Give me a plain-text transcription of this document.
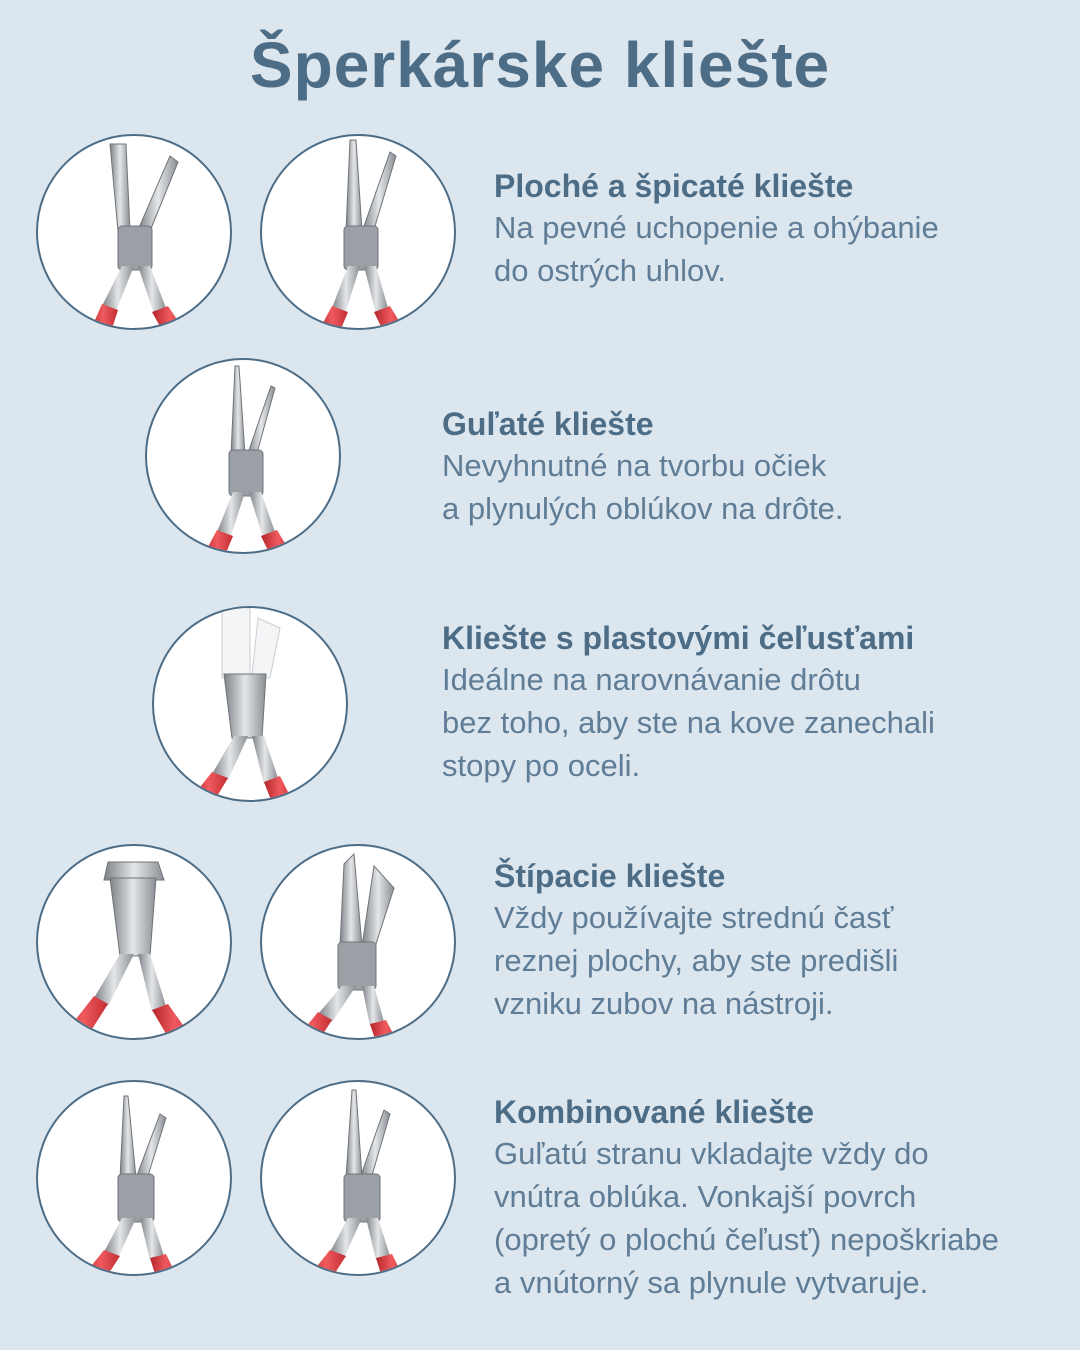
Šperkárske kliešte
Ploché a špicaté kliešte
Na pevné uchopenie a ohýbanie
do ostrých uhlov.
Guľaté kliešte
Nevyhnutné na tvorbu očiek
a plynulých oblúkov na drôte.
Kliešte s plastovými čeľusťami
Ideálne na narovnávanie drôtu
bez toho, aby ste na kove zanechali
stopy po oceli.
Štípacie kliešte
Vždy používajte strednú časť
reznej plochy, aby ste predišli
vzniku zubov na nástroji.
Kombinované kliešte
Guľatú stranu vkladajte vždy do
vnútra oblúka. Vonkajší povrch
(opretý o plochú čeľusť) nepoškriabe
a vnútorný sa plynule vytvaruje.
